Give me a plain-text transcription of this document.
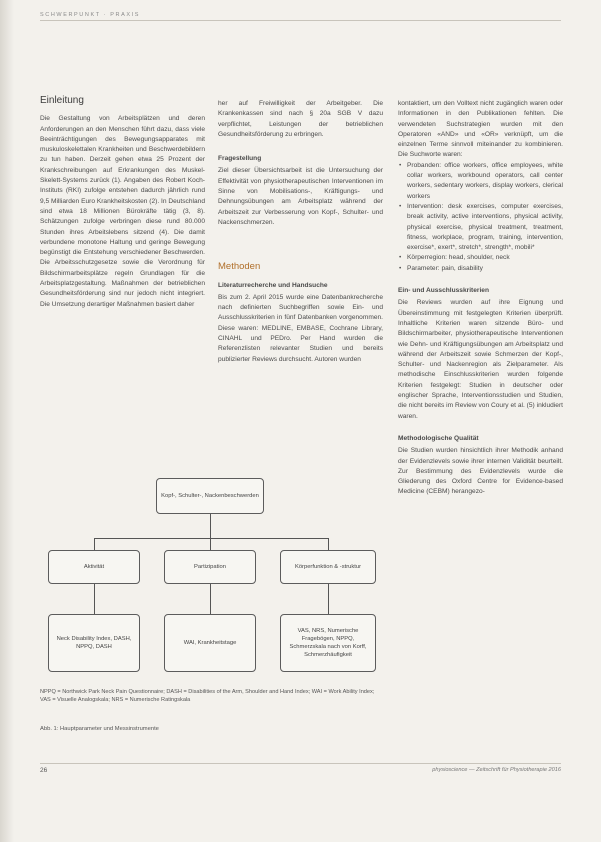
SCHWERPUNKT · PRAXIS
Einleitung

Die Gestaltung von Arbeitsplätzen und deren Anforderungen an den Menschen führt dazu, dass viele Beeinträchtigungen des Bewegungsapparates mit muskuloskelettalen Krankheiten und Beschwerdebildern zu tun haben. Derzeit gehen etwa 25 Prozent der Krankschreibungen auf Erkrankungen des Muskel-Skelett-Systems zurück (1). Angaben des Robert Koch-Instituts (RKI) zufolge entstehen dadurch jährlich rund 9,5 Milliarden Euro Krankheitskosten (2). In Deutschland sind etwa 18 Millionen Bürokräfte tätig (3, 8). Schätzungen zufolge verbringen diese rund 80.000 Stunden ihres Arbeitslebens sitzend (4). Die damit verbundene monotone Haltung und geringe Bewegung begünstigt die Entstehung verschiedener Beschwerden. Die Arbeitsschutzgesetze sowie die Verordnung für Bildschirmarbeitsplätze regeln Grundlagen für die Arbeitsplatzgestaltung. Maßnahmen der betrieblichen Gesundheitsförderung sind nur jedoch nicht integriert. Die Umsetzung derartiger Maßnahmen basiert daher

her auf Freiwilligkeit der Arbeitgeber. Die Krankenkassen sind nach § 20a SGB V dazu verpflichtet, Leistungen der betrieblichen Gesundheitsförderung zu erbringen.

Fragestellung

Ziel dieser Übersichtsarbeit ist die Untersuchung der Effektivität von physiotherapeutischen Interventionen im Sinne von Mobilisations-, Kräftigungs- und Dehnungsübungen am Arbeitsplatz während der Arbeitszeit zur Verbesserung von Kopf-, Schulter- und Nackenschmerzen.

Methoden
Literaturrecherche und Handsuche

Bis zum 2. April 2015 wurde eine Datenbankrecherche nach definierten Suchbegriffen sowie Ein- und Ausschlusskriterien in fünf Datenbanken vorgenommen. Diese waren: MEDLINE, EMBASE, Cochrane Library, CINAHL und PEDro. Per Hand wurden die Referenzlisten relevanter Studien und bereits publizierter Reviews durchsucht. Autoren wurden

kontaktiert, um den Volltext nicht zugänglich waren oder Informationen in den Publikationen fehlten. Die verwendeten Suchstrategien wurden mit den Operatoren «AND» und «OR» verknüpft, um die einzelnen Terme sinnvoll miteinander zu kombinieren. Die Suchworte waren:

• Probanden: office workers, office employees, white collar workers, workbound operators, call center workers, sedentary workers, display workers, clerical workers
• Intervention: desk exercises, computer exercises, break activity, active interventions, physical activity, physical exercise, physical treatment, treatment, fitness, workplace, program, training, intervention, exercise*, exert*, stretch*, strength*, mobili*
• Körperregion: head, shoulder, neck
• Parameter: pain, disability
Ein- und Ausschlusskriterien

Die Reviews wurden auf ihre Eignung und Übereinstimmung mit festgelegten Kriterien überprüft. Inhaltliche Kriterien waren sitzende Büro- und Bildschirmarbeiter, physiotherapeutische Interventionen wie Dehn- und Kräftigungsübungen am Arbeitsplatz und während der Arbeitszeit sowie Schmerzen der Kopf-, Schulter- und Nackenregion als Zielparameter. Als methodische Einschlusskriterien wurden folgende Kriterien festgelegt: Studien in deutscher oder englischer Sprache, Interventionsstudien und Studien, die nicht bereits im Review von Coury et al. (5) inkludiert waren.

Methodologische Qualität

Die Studien wurden hinsichtlich ihrer Methodik anhand der Evidenzlevels sowie ihrer internen Validität beurteilt. Zur Bestimmung des Evidenzlevels wurde die Gliederung des Oxford Centre for Evidence-based Medicine (CEBM) herangezo-

Kopf-, Schulter-, Nackenbeschwerden
Aktivität	Partizipation	Körperfunktion & -struktur
Neck Disability Index, DASH, NPPQ, DASH
WAI, Krankheitstage
VAS, NRS, Numerische Fragebögen, NPPQ, Schmerzskala nach von Korff, Schmerzhäufigkeit
NPPQ = Northwick Park Neck Pain Questionnaire; DASH = Disabilities of the Arm, Shoulder and Hand Index; WAI = Work Ability Index; VAS = Visuelle Analogskala; NRS = Numerische Ratingskala
Abb. 1: Hauptparameter und Messinstrumente
26	physioscience — Zeitschrift für Physiotherapie 2016
